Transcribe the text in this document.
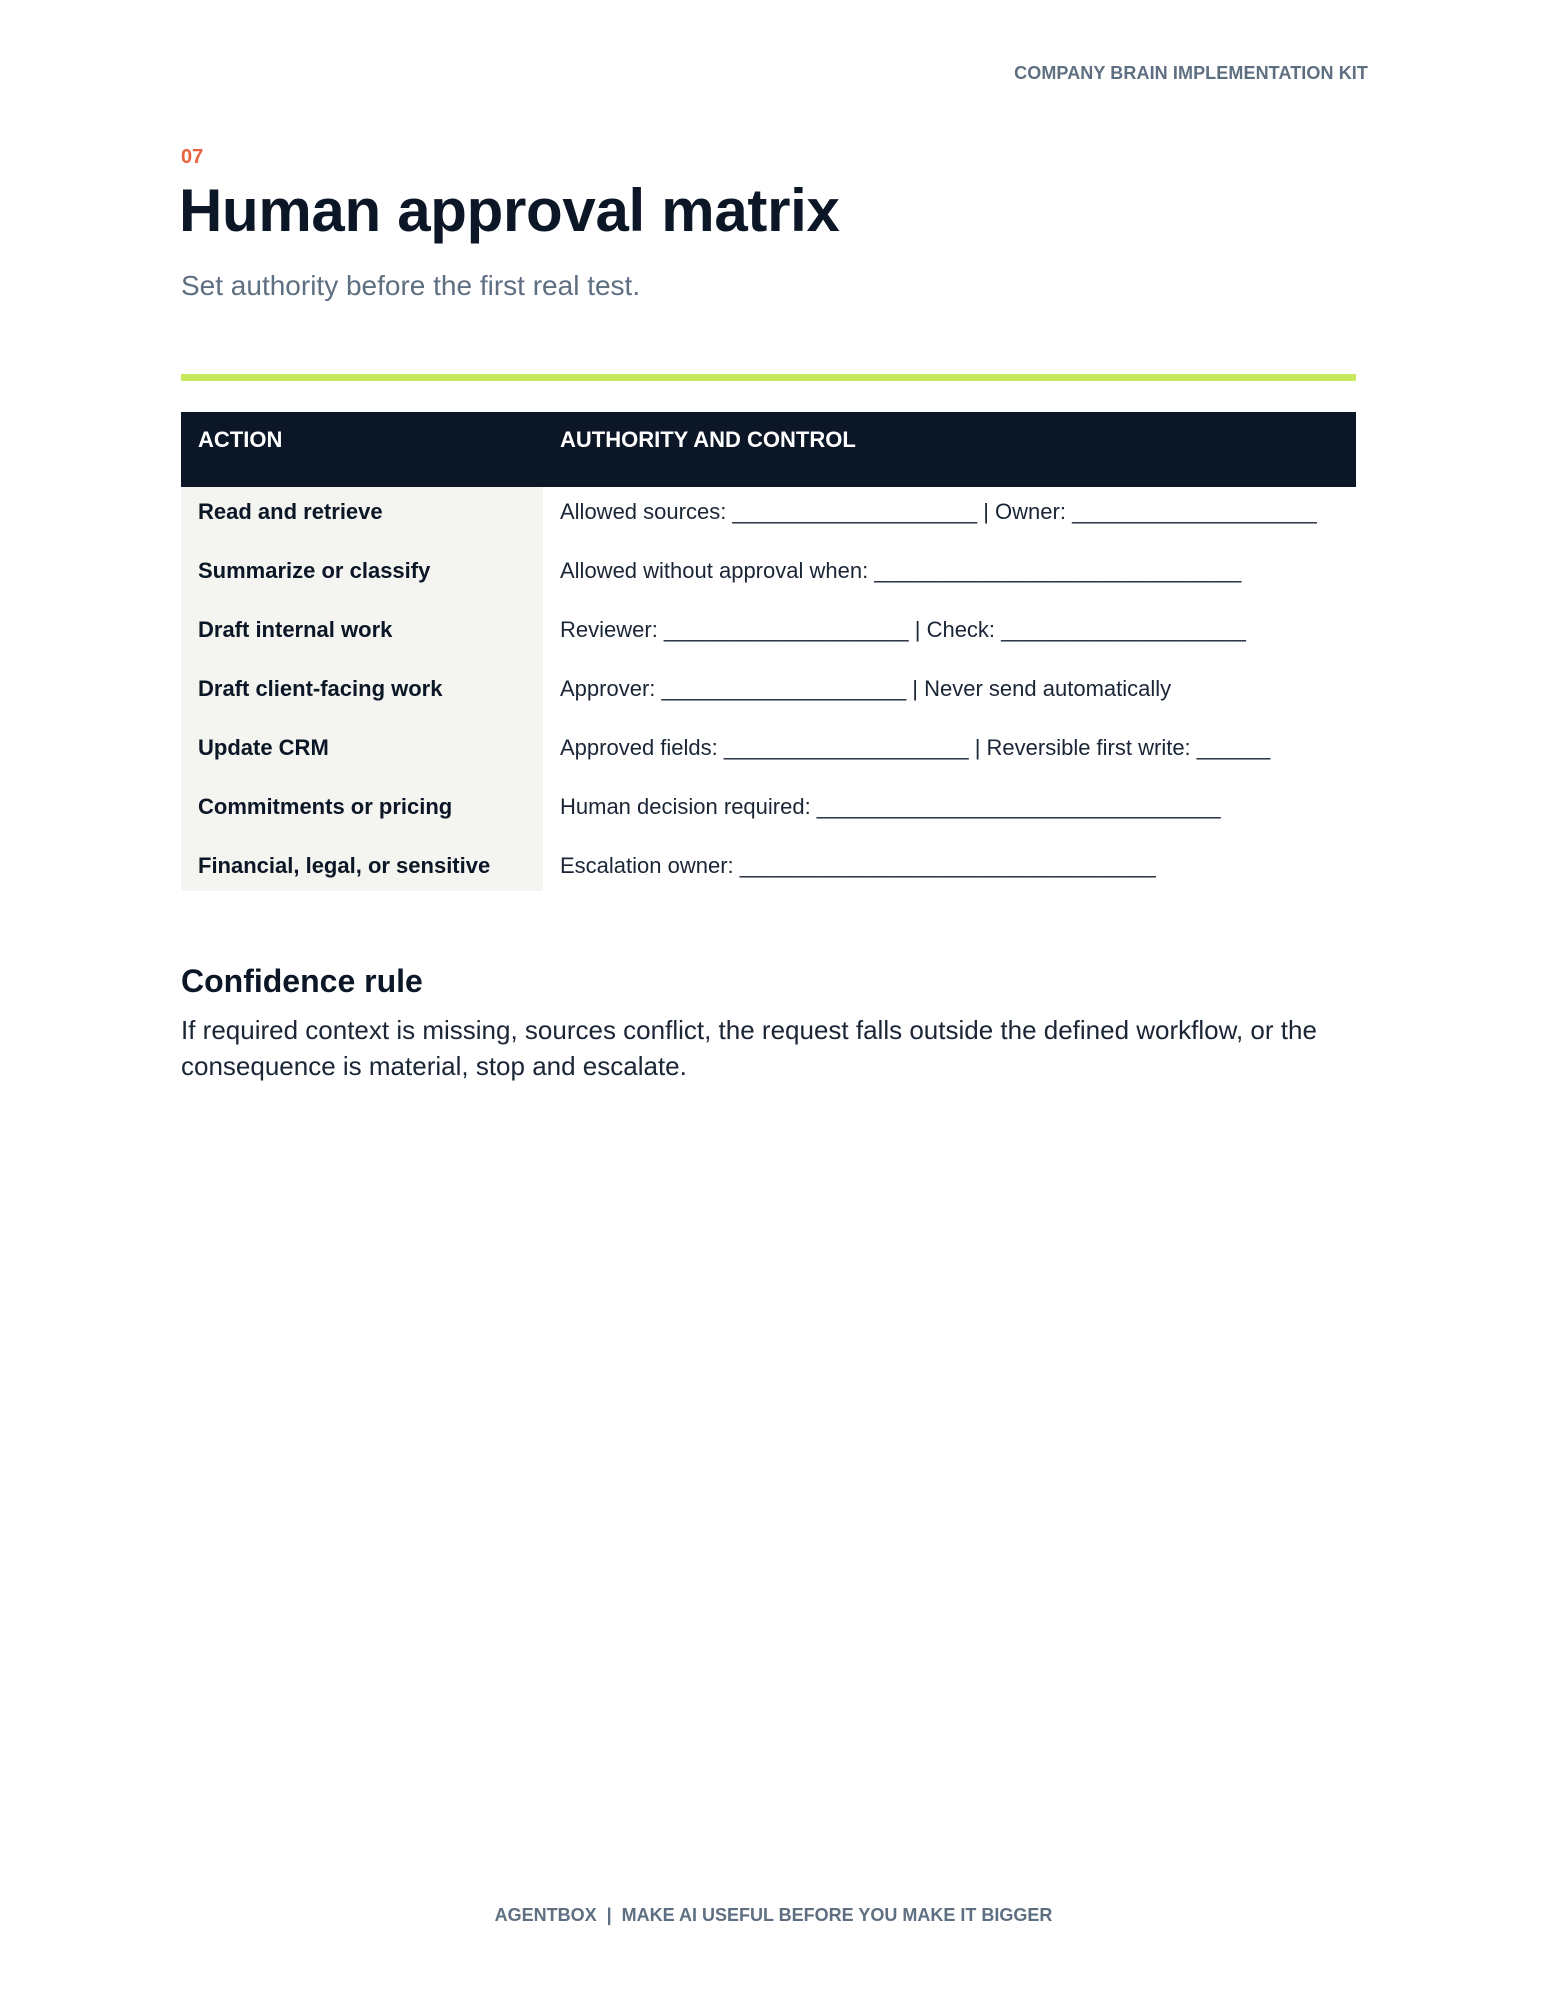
COMPANY BRAIN IMPLEMENTATION KIT
07
Human approval matrix
Set authority before the first real test.
ACTION	AUTHORITY AND CONTROL
Read and retrieve	Allowed sources: ____________________ | Owner: ____________________
Summarize or classify	Allowed without approval when: ______________________________
Draft internal work	Reviewer: ____________________ | Check: ____________________
Draft client-facing work	Approver: ____________________ | Never send automatically
Update CRM	Approved fields: ____________________ | Reversible first write: ______
Commitments or pricing	Human decision required: _________________________________
Financial, legal, or sensitive	Escalation owner: __________________________________
Confidence rule

If required context is missing, sources conflict, the request falls outside the defined workflow, or the consequence is material, stop and escalate.

AGENTBOX | MAKE AI USEFUL BEFORE YOU MAKE IT BIGGER
